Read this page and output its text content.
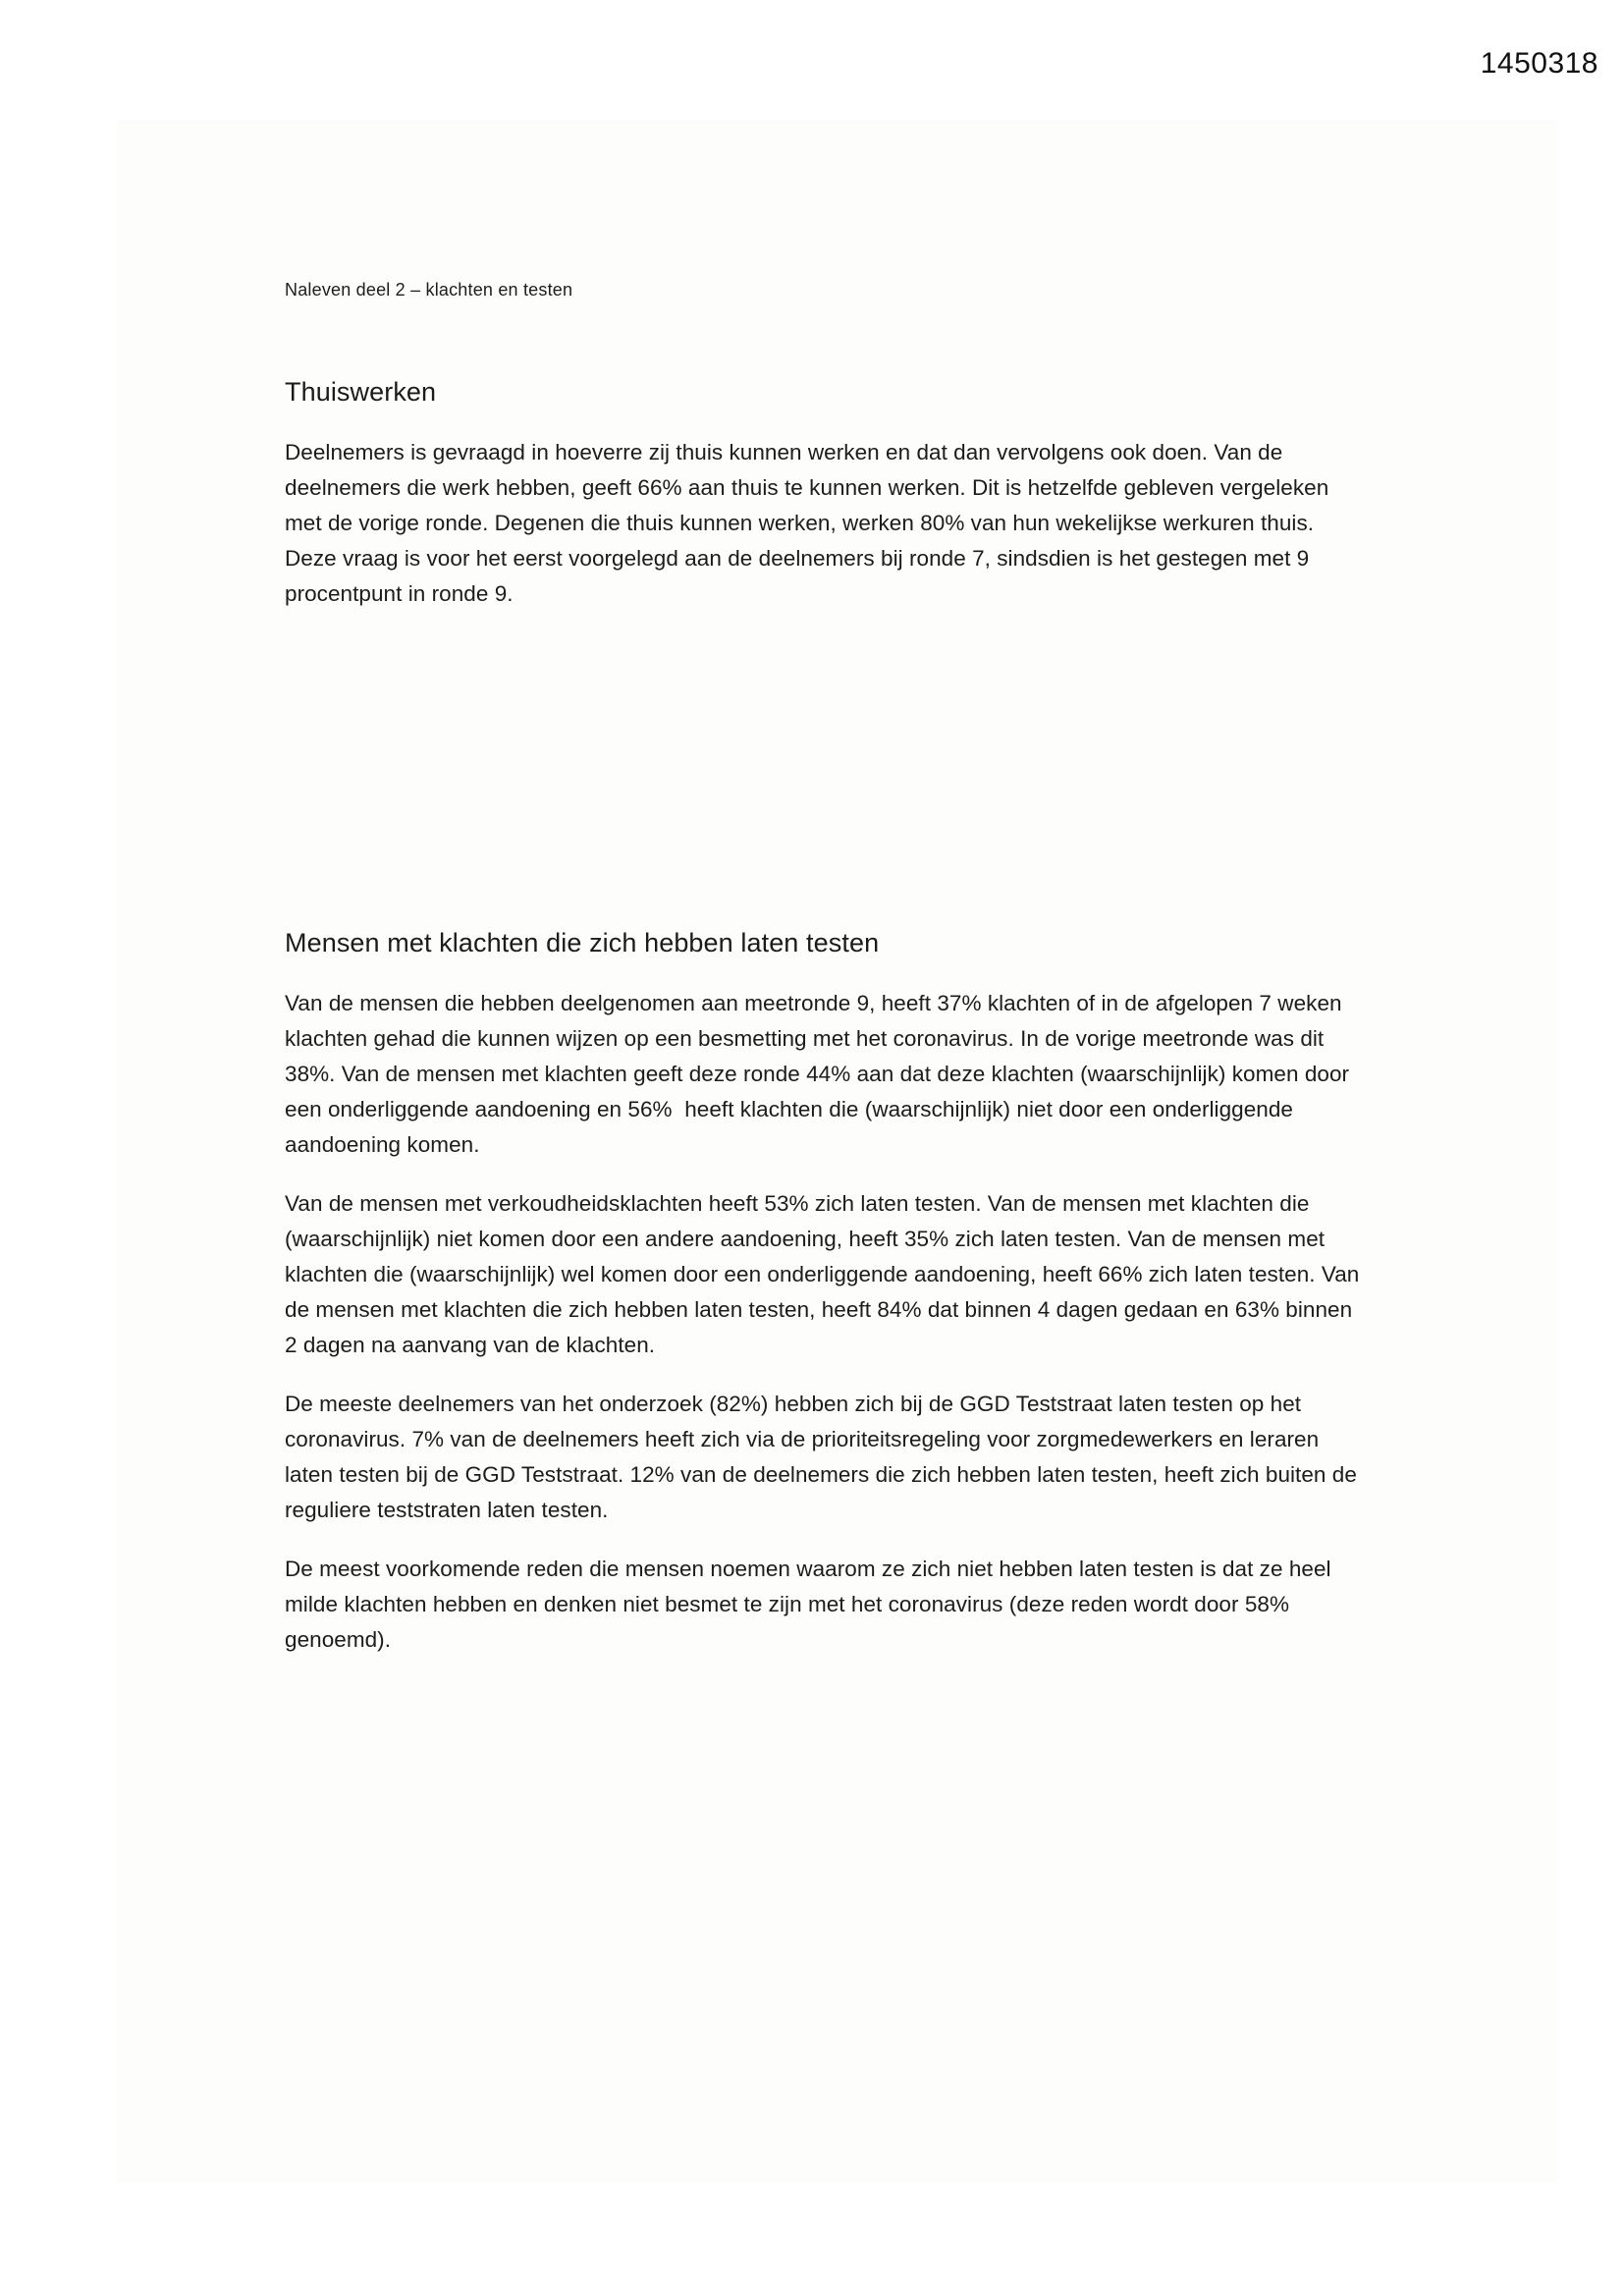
1450318

Naleven deel 2 – klachten en testen

Thuiswerken

Deelnemers is gevraagd in hoeverre zij thuis kunnen werken en dat dan vervolgens ook doen. Van de deelnemers die werk hebben, geeft 66% aan thuis te kunnen werken. Dit is hetzelfde gebleven vergeleken met de vorige ronde. Degenen die thuis kunnen werken, werken 80% van hun wekelijkse werkuren thuis. Deze vraag is voor het eerst voorgelegd aan de deelnemers bij ronde 7, sindsdien is het gestegen met 9 procentpunt in ronde 9.

Mensen met klachten die zich hebben laten testen

Van de mensen die hebben deelgenomen aan meetronde 9, heeft 37% klachten of in de afgelopen 7 weken klachten gehad die kunnen wijzen op een besmetting met het coronavirus. In de vorige meetronde was dit 38%. Van de mensen met klachten geeft deze ronde 44% aan dat deze klachten (waarschijnlijk) komen door een onderliggende aandoening en 56%  heeft klachten die (waarschijnlijk) niet door een onderliggende aandoening komen.

Van de mensen met verkoudheidsklachten heeft 53% zich laten testen. Van de mensen met klachten die (waarschijnlijk) niet komen door een andere aandoening, heeft 35% zich laten testen. Van de mensen met klachten die (waarschijnlijk) wel komen door een onderliggende aandoening, heeft 66% zich laten testen. Van de mensen met klachten die zich hebben laten testen, heeft 84% dat binnen 4 dagen gedaan en 63% binnen 2 dagen na aanvang van de klachten.

De meeste deelnemers van het onderzoek (82%) hebben zich bij de GGD Teststraat laten testen op het coronavirus. 7% van de deelnemers heeft zich via de prioriteitsregeling voor zorgmedewerkers en leraren laten testen bij de GGD Teststraat. 12% van de deelnemers die zich hebben laten testen, heeft zich buiten de reguliere teststraten laten testen.

De meest voorkomende reden die mensen noemen waarom ze zich niet hebben laten testen is dat ze heel milde klachten hebben en denken niet besmet te zijn met het coronavirus (deze reden wordt door 58% genoemd).
